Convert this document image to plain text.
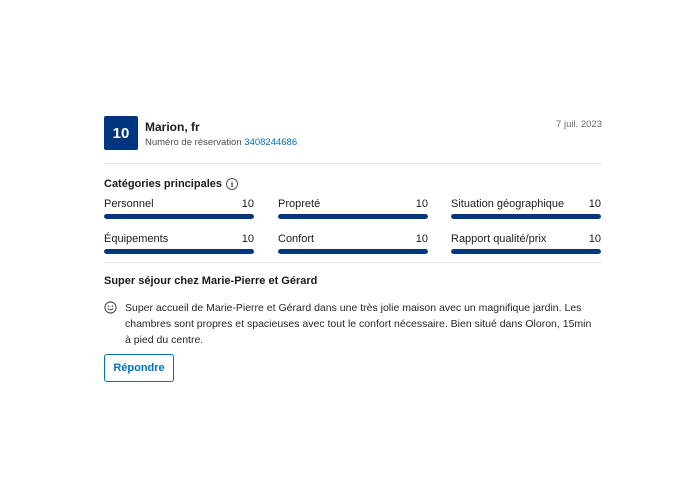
10	Marion, fr
Numéro de réservation 3408244686
7 juil. 2023
Catégories principales	i
Personnel	10 Propreté	10 Situation géographique 10
Équipements	10 Confort	10 Rapport qualité/prix	10
Super séjour chez Marie-Pierre et Gérard
Super accueil de Marie-Pierre et Gérard dans une très jolie maison avec un magnifique jardin. Les chambres sont propres et spacieuses avec tout le confort nécessaire. Bien situé dans Oloron, 15min à pied du centre.
Répondre
